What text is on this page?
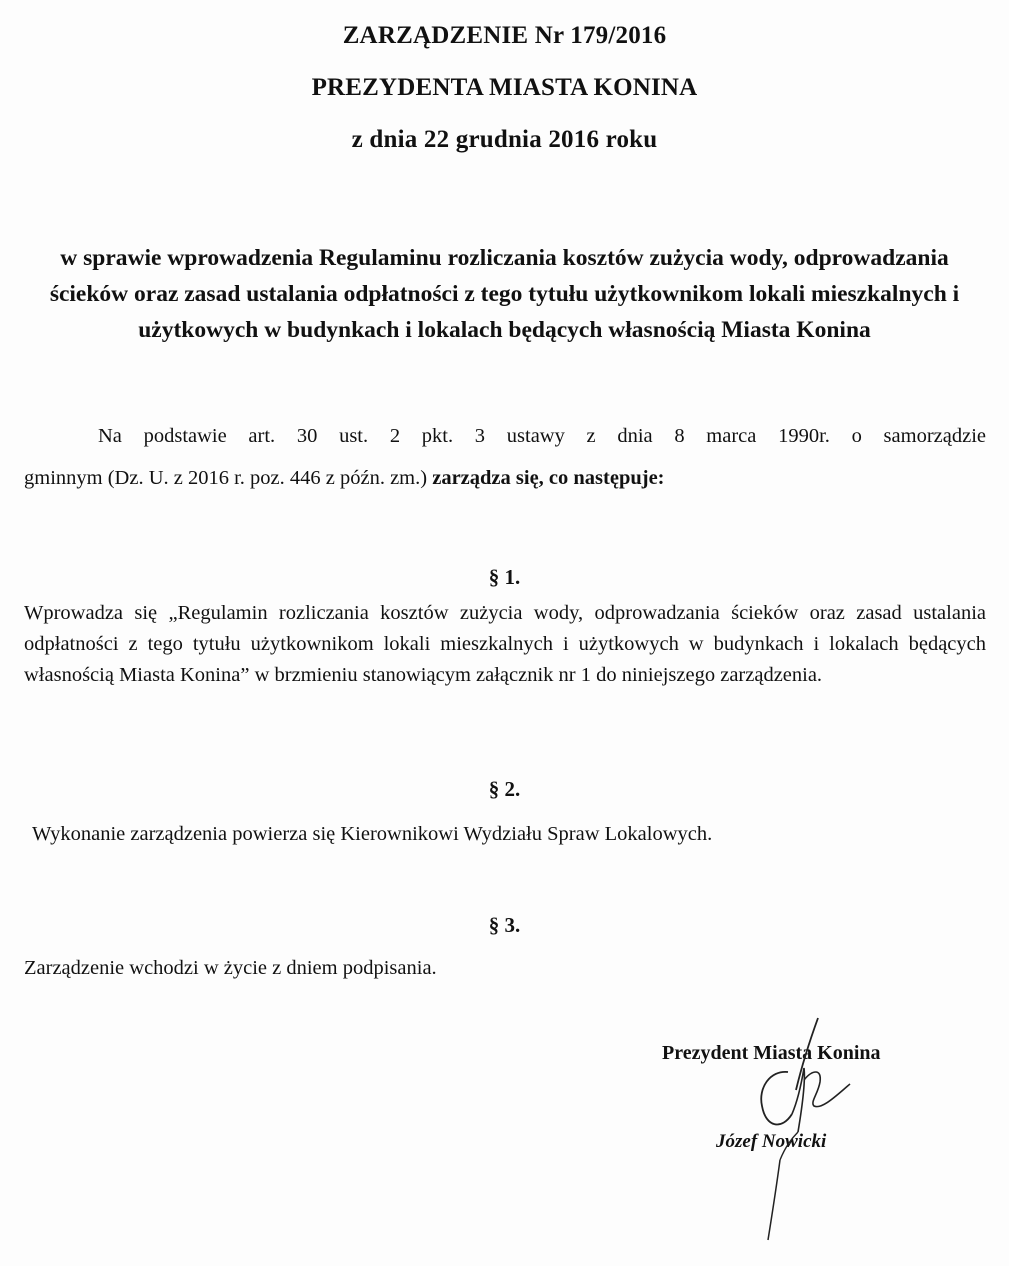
ZARZĄDZENIE Nr 179/2016
PREZYDENTA MIASTA KONINA
z dnia 22 grudnia 2016 roku
w sprawie wprowadzenia Regulaminu rozliczania kosztów zużycia wody, odprowadzania ścieków oraz zasad ustalania odpłatności z tego tytułu użytkownikom lokali mieszkalnych i użytkowych w budynkach i lokalach będących własnością Miasta Konina
Na podstawie art. 30 ust. 2 pkt. 3 ustawy z dnia 8 marca 1990r. o samorządzie
gminnym (Dz. U. z 2016 r. poz. 446 z późn. zm.) zarządza się, co następuje:
§ 1.
Wprowadza się „Regulamin rozliczania kosztów zużycia wody, odprowadzania ścieków oraz zasad ustalania odpłatności z tego tytułu użytkownikom lokali mieszkalnych i użytkowych w budynkach i lokalach będących własnością Miasta Konina” w brzmieniu stanowiącym załącznik nr 1 do niniejszego zarządzenia.
§ 2.
Wykonanie zarządzenia powierza się Kierownikowi Wydziału Spraw Lokalowych.
§ 3.
Zarządzenie wchodzi w życie z dniem podpisania.
Prezydent Miasta Konina
Józef Nowicki
